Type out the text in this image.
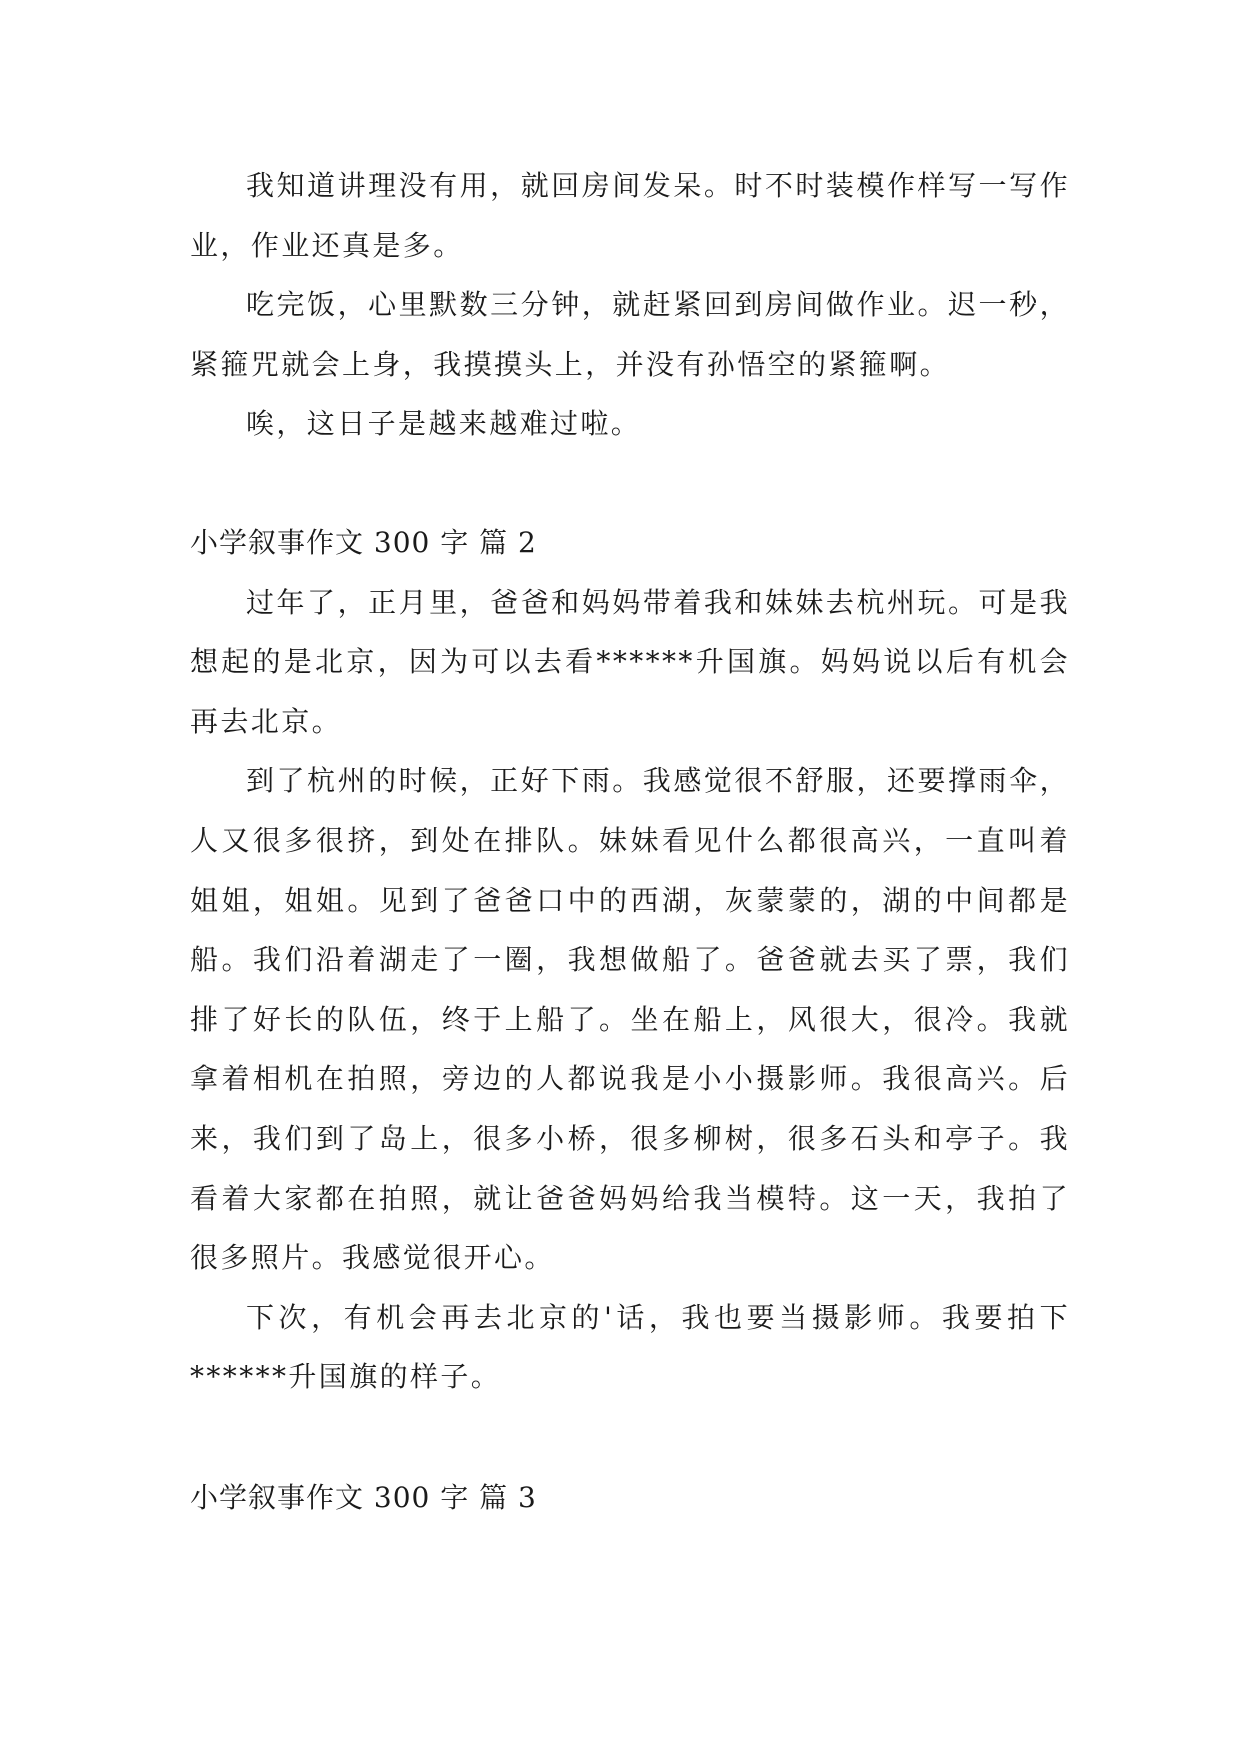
我知道讲理没有用，就回房间发呆。时不时装模作样写一写作业，作业还真是多。

吃完饭，心里默数三分钟，就赶紧回到房间做作业。迟一秒，紧箍咒就会上身，我摸摸头上，并没有孙悟空的紧箍啊。

唉，这日子是越来越难过啦。

小学叙事作文 300 字 篇 2

过年了，正月里，爸爸和妈妈带着我和妹妹去杭州玩。可是我想起的是北京，因为可以去看******升国旗。妈妈说以后有机会再去北京。

到了杭州的时候，正好下雨。我感觉很不舒服，还要撑雨伞，人又很多很挤，到处在排队。妹妹看见什么都很高兴，一直叫着姐姐，姐姐。见到了爸爸口中的西湖，灰蒙蒙的，湖的中间都是船。我们沿着湖走了一圈，我想做船了。爸爸就去买了票，我们排了好长的队伍，终于上船了。坐在船上，风很大，很冷。我就拿着相机在拍照，旁边的人都说我是小小摄影师。我很高兴。后来，我们到了岛上，很多小桥，很多柳树，很多石头和亭子。我看着大家都在拍照，就让爸爸妈妈给我当模特。这一天，我拍了很多照片。我感觉很开心。

下次，有机会再去北京的'话，我也要当摄影师。我要拍下******升国旗的样子。

小学叙事作文 300 字 篇 3
